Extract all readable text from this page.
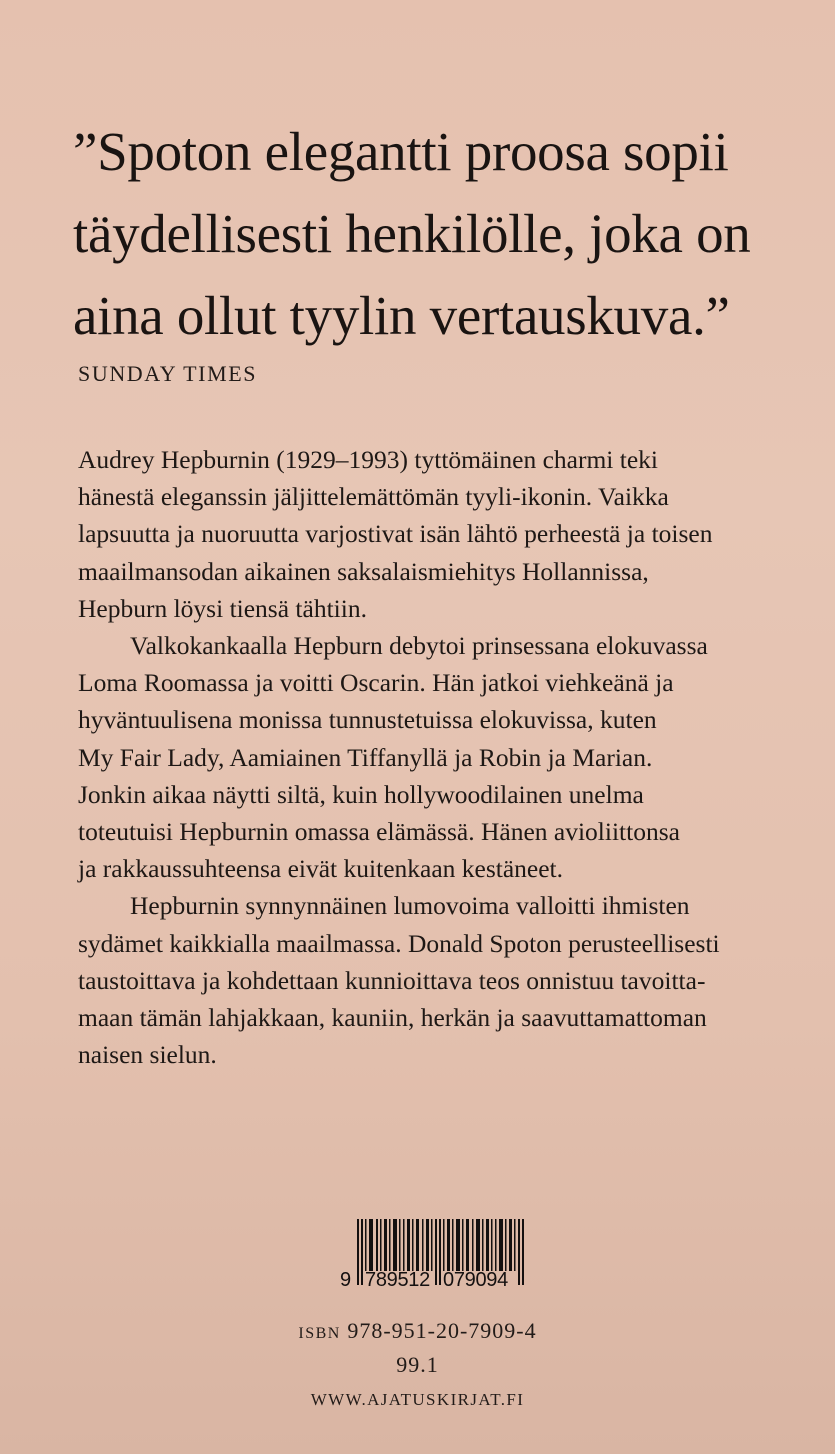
”Spoton elegantti proosa sopii
täydellisesti henkilölle, joka on
aina ollut tyylin vertauskuva.”
SUNDAY TIMES
Audrey Hepburnin (1929–1993) tyttömäinen charmi teki
hänestä eleganssin jäljittelemättömän tyyli-ikonin. Vaikka
lapsuutta ja nuoruutta varjostivat isän lähtö perheestä ja toisen
maailmansodan aikainen saksalaismiehitys Hollannissa,
Hepburn löysi tiensä tähtiin.
Valkokankaalla Hepburn debytoi prinsessana elokuvassa
Loma Roomassa ja voitti Oscarin. Hän jatkoi viehkeänä ja
hyväntuulisena monissa tunnustetuissa elokuvissa, kuten
My Fair Lady, Aamiainen Tiffanyllä ja Robin ja Marian.
Jonkin aikaa näytti siltä, kuin hollywoodilainen unelma
toteutuisi Hepburnin omassa elämässä. Hänen avioliittonsa
ja rakkaussuhteensa eivät kuitenkaan kestäneet.
Hepburnin synnynnäinen lumovoima valloitti ihmisten
sydämet kaikkialla maailmassa. Donald Spoton perusteellisesti
taustoittava ja kohdettaan kunnioittava teos onnistuu tavoitta-
maan tämän lahjakkaan, kauniin, herkän ja saavuttamattoman
naisen sielun.
9 789512 079094
ISBN 978-951-20-7909-4
99.1
WWW.AJATUSKIRJAT.FI
